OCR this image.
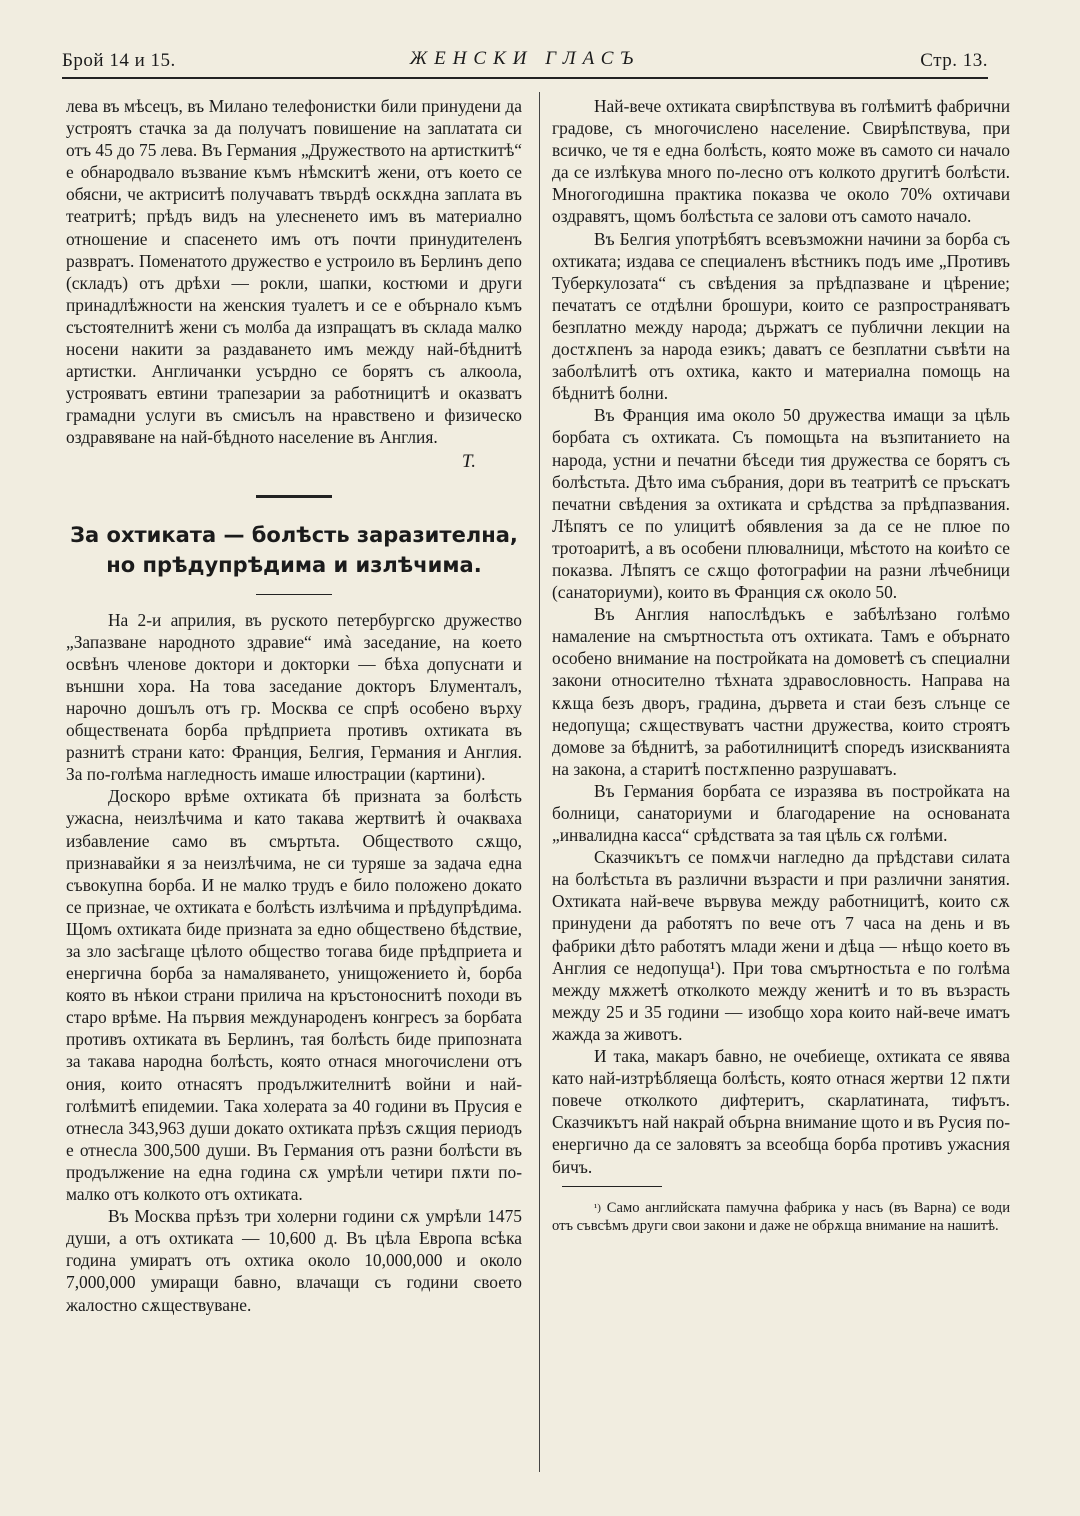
Брой 14 и 15.	ЖЕНСКИ ГЛАСЪ	Стр. 13.

лева въ мѣсецъ, въ Милано телефонистки били принудени да устроятъ стачка за да получатъ повишение на заплатата си отъ 45 до 75 лева. Въ Германия „Дружеството на артисткитѣ“ е обнародвало възвание къмъ нѣмскитѣ жени, отъ което се обясни, че актриситѣ получаватъ твърдѣ оскѫдна заплата въ театритѣ; прѣдъ видъ на улесненето имъ въ материално отношение и спасенето имъ отъ почти принудителенъ развратъ. Поменатото дружество е устроило въ Берлинъ депо (складъ) отъ дрѣхи — рокли, шапки, костюми и други принадлѣжности на женския туалетъ и се е обърнало къмъ състоятелнитѣ жени съ молба да изпращатъ въ склада малко носени накити за раздаването имъ между най-бѣднитѣ артистки. Англичанки усърдно се борятъ съ алкоола, устрояватъ евтини трапезарии за работницитѣ и оказватъ грамадни услуги въ смисълъ на нравствено и физическо оздравяване на най-бѣдното население въ Англия.

Т.
За охтиката — болѣсть заразителна, но прѣдупрѣдима и излѣчима.

На 2-и априлия, въ руското петербургско дружество „Запазване народното здравие“ имà заседание, на което освѣнъ членове доктори и докторки — бѣха допуснати и външни хора. На това заседание докторъ Блументалъ, нарочно дошълъ отъ гр. Москва се спрѣ особено върху обществената борба прѣдприета противъ охтиката въ разнитѣ страни като: Франция, Белгия, Германия и Англия. За по-голѣма нагледность имаше илюстрации (картини).

Доскоро врѣме охтиката бѣ призната за болѣсть ужасна, неизлѣчима и като такава жертвитѣ ѝ очакваха избавление само въ смъртьта. Обществото сѫщо, признавайки я за неизлѣчима, не си туряше за задача една съвокупна борба. И не малко трудъ е било положено докато се признае, че охтиката е болѣсть излѣчима и прѣдупрѣдима. Щомъ охтиката биде призната за едно обществено бѣдствие, за зло засѣгаще цѣлото общество тогава биде прѣдприета и енергична борба за намаляването, унищожението ѝ, борба която въ нѣкои страни прилича на кръстоноснитѣ походи въ старо врѣме. На първия международенъ конгресъ за борбата противъ охтиката въ Берлинъ, тая болѣсть биде припозната за такава народна болѣсть, която отнася многочислени отъ ония, които отнасятъ продължителнитѣ войни и най-голѣмитѣ епидемии. Така холерата за 40 години въ Прусия е отнесла 343,963 души докато охтиката прѣзъ сѫщия периодъ е отнесла 300,500 души. Въ Германия отъ разни болѣсти въ продължение на една година сѫ умрѣли четири пѫти по-малко отъ колкото отъ охтиката.

Въ Москва прѣзъ три холерни години сѫ умрѣли 1475 души, а отъ охтиката — 10,600 д. Въ цѣла Европа всѣка година умиратъ отъ охтика около 10,000,000 и около 7,000,000 умиращи бавно, влачащи съ години своето жалостно сѫществуване.

Най-вече охтиката свирѣпствува въ голѣмитѣ фабрични градове, съ многочислено население. Свирѣпствува, при всичко, че тя е една болѣсть, която може въ самото си начало да се излѣкува много по-лесно отъ колкото другитѣ болѣсти. Многогодишна практика показва че около 70% охтичави оздравятъ, щомъ болѣстьта се залови отъ самото начало.

Въ Белгия употрѣбятъ всевъзможни начини за борба съ охтиката; издава се специаленъ вѣстникъ подъ име „Противъ Туберкулозата“ съ свѣдения за прѣдпазване и цѣрение; печататъ се отдѣлни брошури, които се разпространяватъ безплатно между народа; държатъ се публични лекции на достѫпенъ за народа езикъ; даватъ се безплатни съвѣти на заболѣлитѣ отъ охтика, както и материална помощь на бѣднитѣ болни.

Въ Франция има около 50 дружества имащи за цѣль борбата съ охтиката. Съ помощьта на възпитанието на народа, устни и печатни бѣседи тия дружества се борятъ съ болѣстьта. Дѣто има събрания, дори въ театритѣ се пръскатъ печатни свѣдения за охтиката и срѣдства за прѣдпазвания. Лѣпятъ се по улицитѣ обявления за да се не плюе по тротоаритѣ, а въ особени плювалници, мѣстото на коиѣто се показва. Лѣпятъ се сѫщо фотографии на разни лѣчебници (санаториуми), които въ Франция сѫ около 50.

Въ Англия напослѣдъкъ е забѣлѣзано голѣмо намаление на смъртностьта отъ охтиката. Тамъ е обърнато особено внимание на постройката на домоветѣ съ специални закони относително тѣхната здравословность. Направа на кѫща безъ дворъ, градина, дървета и стаи безъ слънце се недопуща; сѫществуватъ частни дружества, които строятъ домове за бѣднитѣ, за работилницитѣ споредъ изискванията на закона, а старитѣ постѫпенно разрушаватъ.

Въ Германия борбата се изразява въ постройката на болници, санаториуми и благодарение на основаната „инвалидна касса“ срѣдствата за тая цѣль сѫ голѣми.

Сказчикътъ се помѫчи нагледно да прѣдстави силата на болѣстьта въ различни възрасти и при различни занятия. Охтиката най-вече вървува между работницитѣ, които сѫ принудени да работятъ по вече отъ 7 часа на день и въ фабрики дѣто работятъ млади жени и дѣца — нѣщо което въ Англия се недопуща¹). При това смъртностьта е по голѣма между мѫжетѣ отколкото между женитѣ и то въ възрасть между 25 и 35 години — изобщо хора които най-вече иматъ жажда за животъ.

И така, макаръ бавно, не очебиеще, охтиката се явява като най-изтрѣбляеща болѣсть, която отнася жертви 12 пѫти повече отколкото дифтеритъ, скарлатината, тифътъ. Сказчикътъ най накрай обърна внимание щото и въ Русия по-енергично да се заловятъ за всеобща борба противъ ужасния бичъ.

$^{^1)}$ Само английската памучна фабрика у насъ (въ Варна) се води отъ съвсѣмъ други свои закони и даже не обрѫща внимание на нашитѣ.
